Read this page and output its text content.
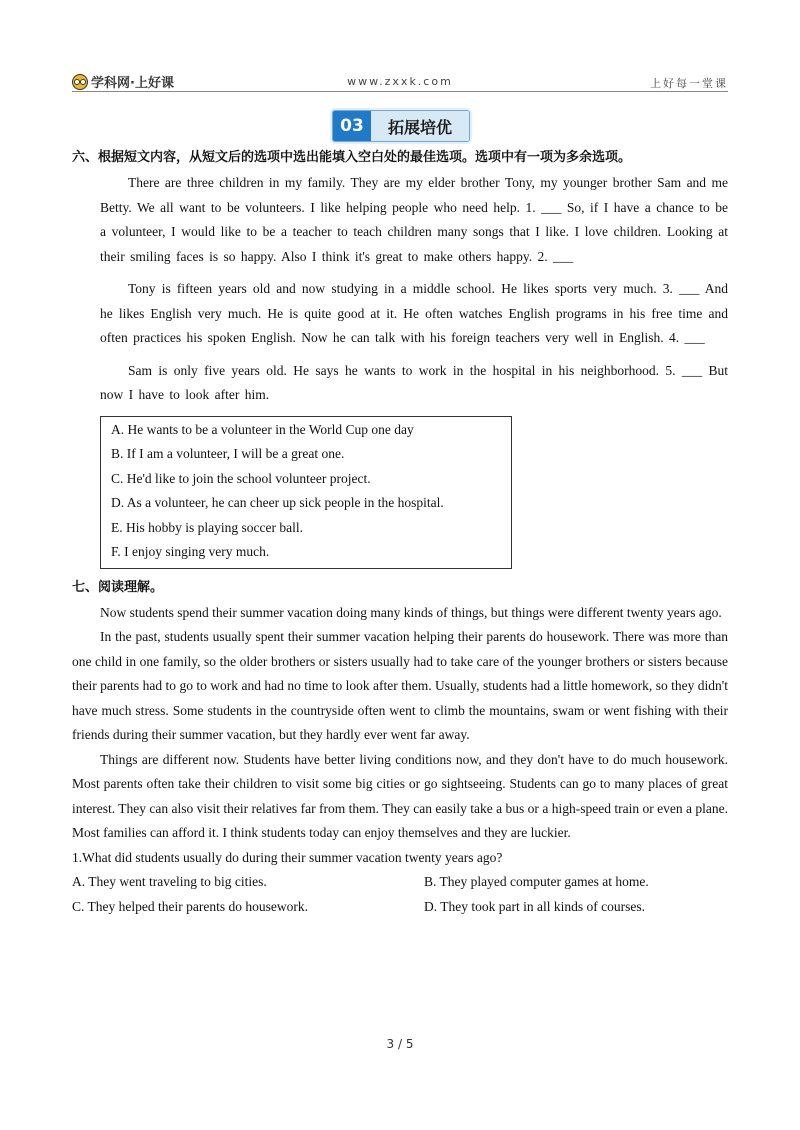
学科网·上好课	www.zxxk.com	上好每一堂课
03	拓展培优

六、根据短文内容，从短文后的选项中选出能填入空白处的最佳选项。选项中有一项为多余选项。

There are three children in my family. They are my elder brother Tony, my younger brother Sam and me Betty. We all want to be volunteers. I like helping people who need help. 1. ___ So, if I have a chance to be a volunteer, I would like to be a teacher to teach children many songs that I like. I love children. Looking at their smiling faces is so happy. Also I think it's great to make others happy. 2. ___

Tony is fifteen years old and now studying in a middle school. He likes sports very much. 3. ___ And he likes English very much. He is quite good at it. He often watches English programs in his free time and often practices his spoken English. Now he can talk with his foreign teachers very well in English. 4. ___

Sam is only five years old. He says he wants to work in the hospital in his neighborhood. 5. ___ But now I have to look after him.

A. He wants to be a volunteer in the World Cup one day
B. If I am a volunteer, I will be a great one.
C. He'd like to join the school volunteer project.
D. As a volunteer, he can cheer up sick people in the hospital.
E. His hobby is playing soccer ball.
F. I enjoy singing very much.

七、阅读理解。

Now students spend their summer vacation doing many kinds of things, but things were different twenty years ago.

In the past, students usually spent their summer vacation helping their parents do housework. There was more than one child in one family, so the older brothers or sisters usually had to take care of the younger brothers or sisters because their parents had to go to work and had no time to look after them. Usually, students had a little homework, so they didn't have much stress. Some students in the countryside often went to climb the mountains, swam or went fishing with their friends during their summer vacation, but they hardly ever went far away.

Things are different now. Students have better living conditions now, and they don't have to do much housework. Most parents often take their children to visit some big cities or go sightseeing. Students can go to many places of great interest. They can also visit their relatives far from them. They can easily take a bus or a high-speed train or even a plane. Most families can afford it. I think students today can enjoy themselves and they are luckier.

1.What did students usually do during their summer vacation twenty years ago?
A. They went traveling to big cities.	B. They played computer games at home.
C. They helped their parents do housework.	D. They took part in all kinds of courses.
3 / 5
